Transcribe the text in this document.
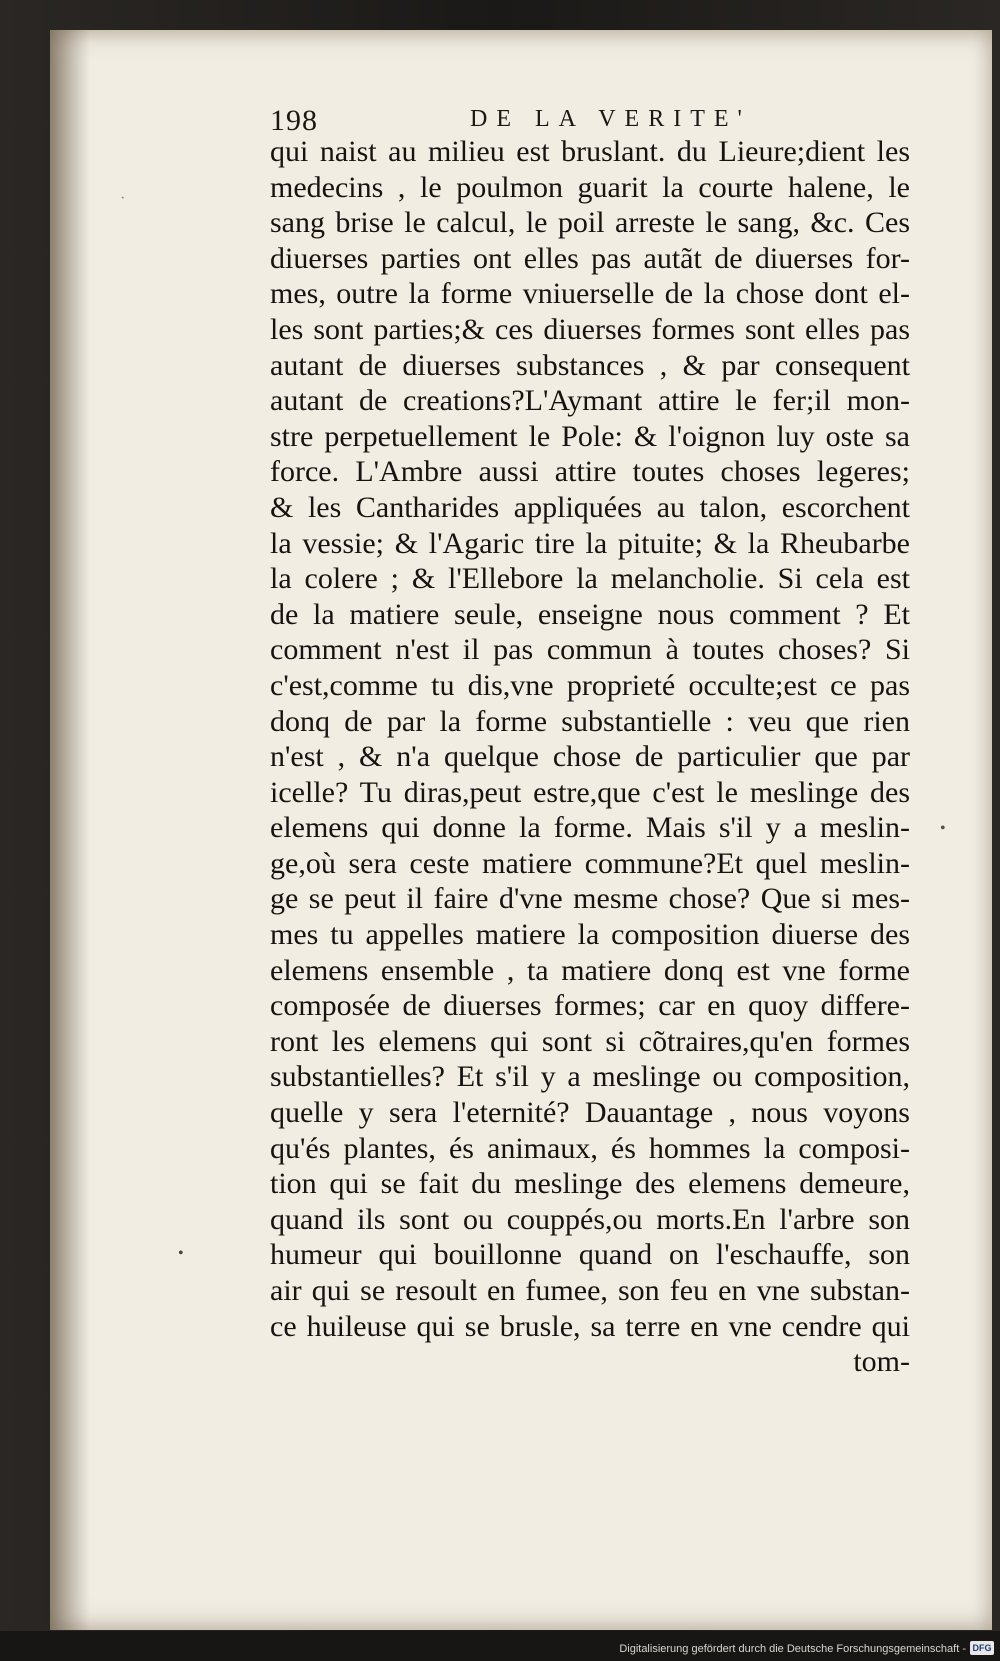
198	DE LA VERITE'
qui naist au milieu est bruslant. du Lieure;dient les
medecins , le poulmon guarit la courte halene, le
sang brise le calcul, le poil arreste le sang, &c. Ces
diuerses parties ont elles pas autãt de diuerses for-
mes, outre la forme vniuerselle de la chose dont el-
les sont parties;& ces diuerses formes sont elles pas
autant de diuerses substances , & par consequent
autant de creations?L'Aymant attire le fer;il mon-
stre perpetuellement le Pole: & l'oignon luy oste sa
force. L'Ambre aussi attire toutes choses legeres;
& les Cantharides appliquées au talon, escorchent
la vessie; & l'Agaric tire la pituite; & la Rheubarbe
la colere ; & l'Ellebore la melancholie. Si cela est
de la matiere seule, enseigne nous comment ? Et
comment n'est il pas commun à toutes choses? Si
c'est,comme tu dis,vne proprieté occulte;est ce pas
donq de par la forme substantielle : veu que rien
n'est , & n'a quelque chose de particulier que par
icelle? Tu diras,peut estre,que c'est le meslinge des
elemens qui donne la forme. Mais s'il y a meslin-
ge,où sera ceste matiere commune?Et quel meslin-
ge se peut il faire d'vne mesme chose? Que si mes-
mes tu appelles matiere la composition diuerse des
elemens ensemble , ta matiere donq est vne forme
composée de diuerses formes; car en quoy differe-
ront les elemens qui sont si cõtraires,qu'en formes
substantielles? Et s'il y a meslinge ou composition,
quelle y sera l'eternité? Dauantage , nous voyons
qu'és plantes, és animaux, és hommes la composi-
tion qui se fait du meslinge des elemens demeure,
quand ils sont ou couppés,ou morts.En l'arbre son
humeur qui bouillonne quand on l'eschauffe, son
air qui se resoult en fumee, son feu en vne substan-
ce huileuse qui se brusle, sa terre en vne cendre qui
tom-
·
•
•
Digitalisierung gefördert durch die Deutsche Forschungsgemeinschaft - DFG
